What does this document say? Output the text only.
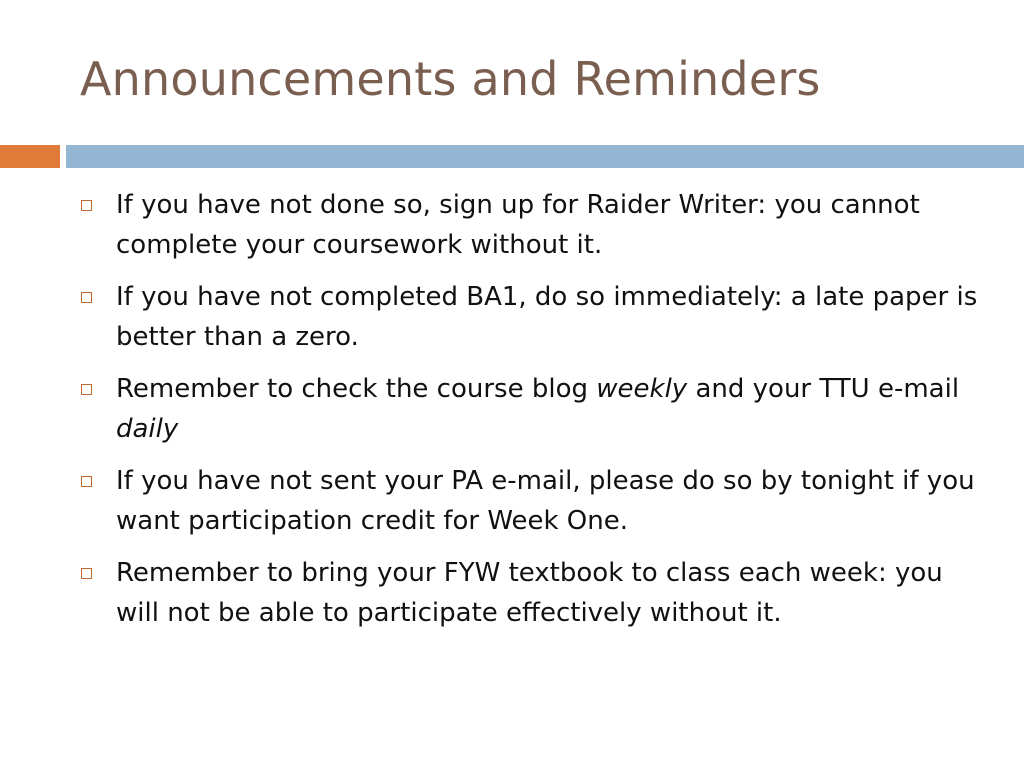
Announcements and Reminders
If you have not done so, sign up for Raider Writer: you cannot complete your coursework without it.
If you have not completed BA1, do so immediately: a late paper is better than a zero.
Remember to check the course blog weekly and your TTU e-mail daily
If you have not sent your PA e-mail, please do so by tonight if you want participation credit for Week One.
Remember to bring your FYW textbook to class each week: you will not be able to participate effectively without it.
